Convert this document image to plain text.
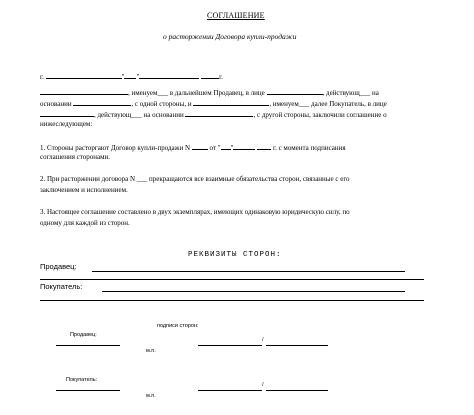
СОГЛАШЕНИЕ
о расторжении Договора купли-продажи
г.	" "	г.
, именуем___ в дальнейшем Продавец, в лице	, действующ___ на
основании	, с одной стороны, и	, именуем___ далее Покупатель, в лице
, действующ___ на основании	, с другой стороны, заключили соглашение о
нижеследующем:
1. Стороны расторгают Договор купли-продажи N	от " "	г. с момента подписания
соглашения сторонами.
2. При расторжении договора N ___ прекращаются все взаимные обязательства сторон, связанные с его
заключением и исполнением.
3. Настоящее соглашение составлено в двух экземплярах, имеющих одинаковую юридическую силу, по
одному для каждой из сторон.
РЕКВИЗИТЫ СТОРОН:
Продавец:
Покупатель:
подписи сторон:
Продавец:
/
м.п.
Покупатель:
/
м.п.
